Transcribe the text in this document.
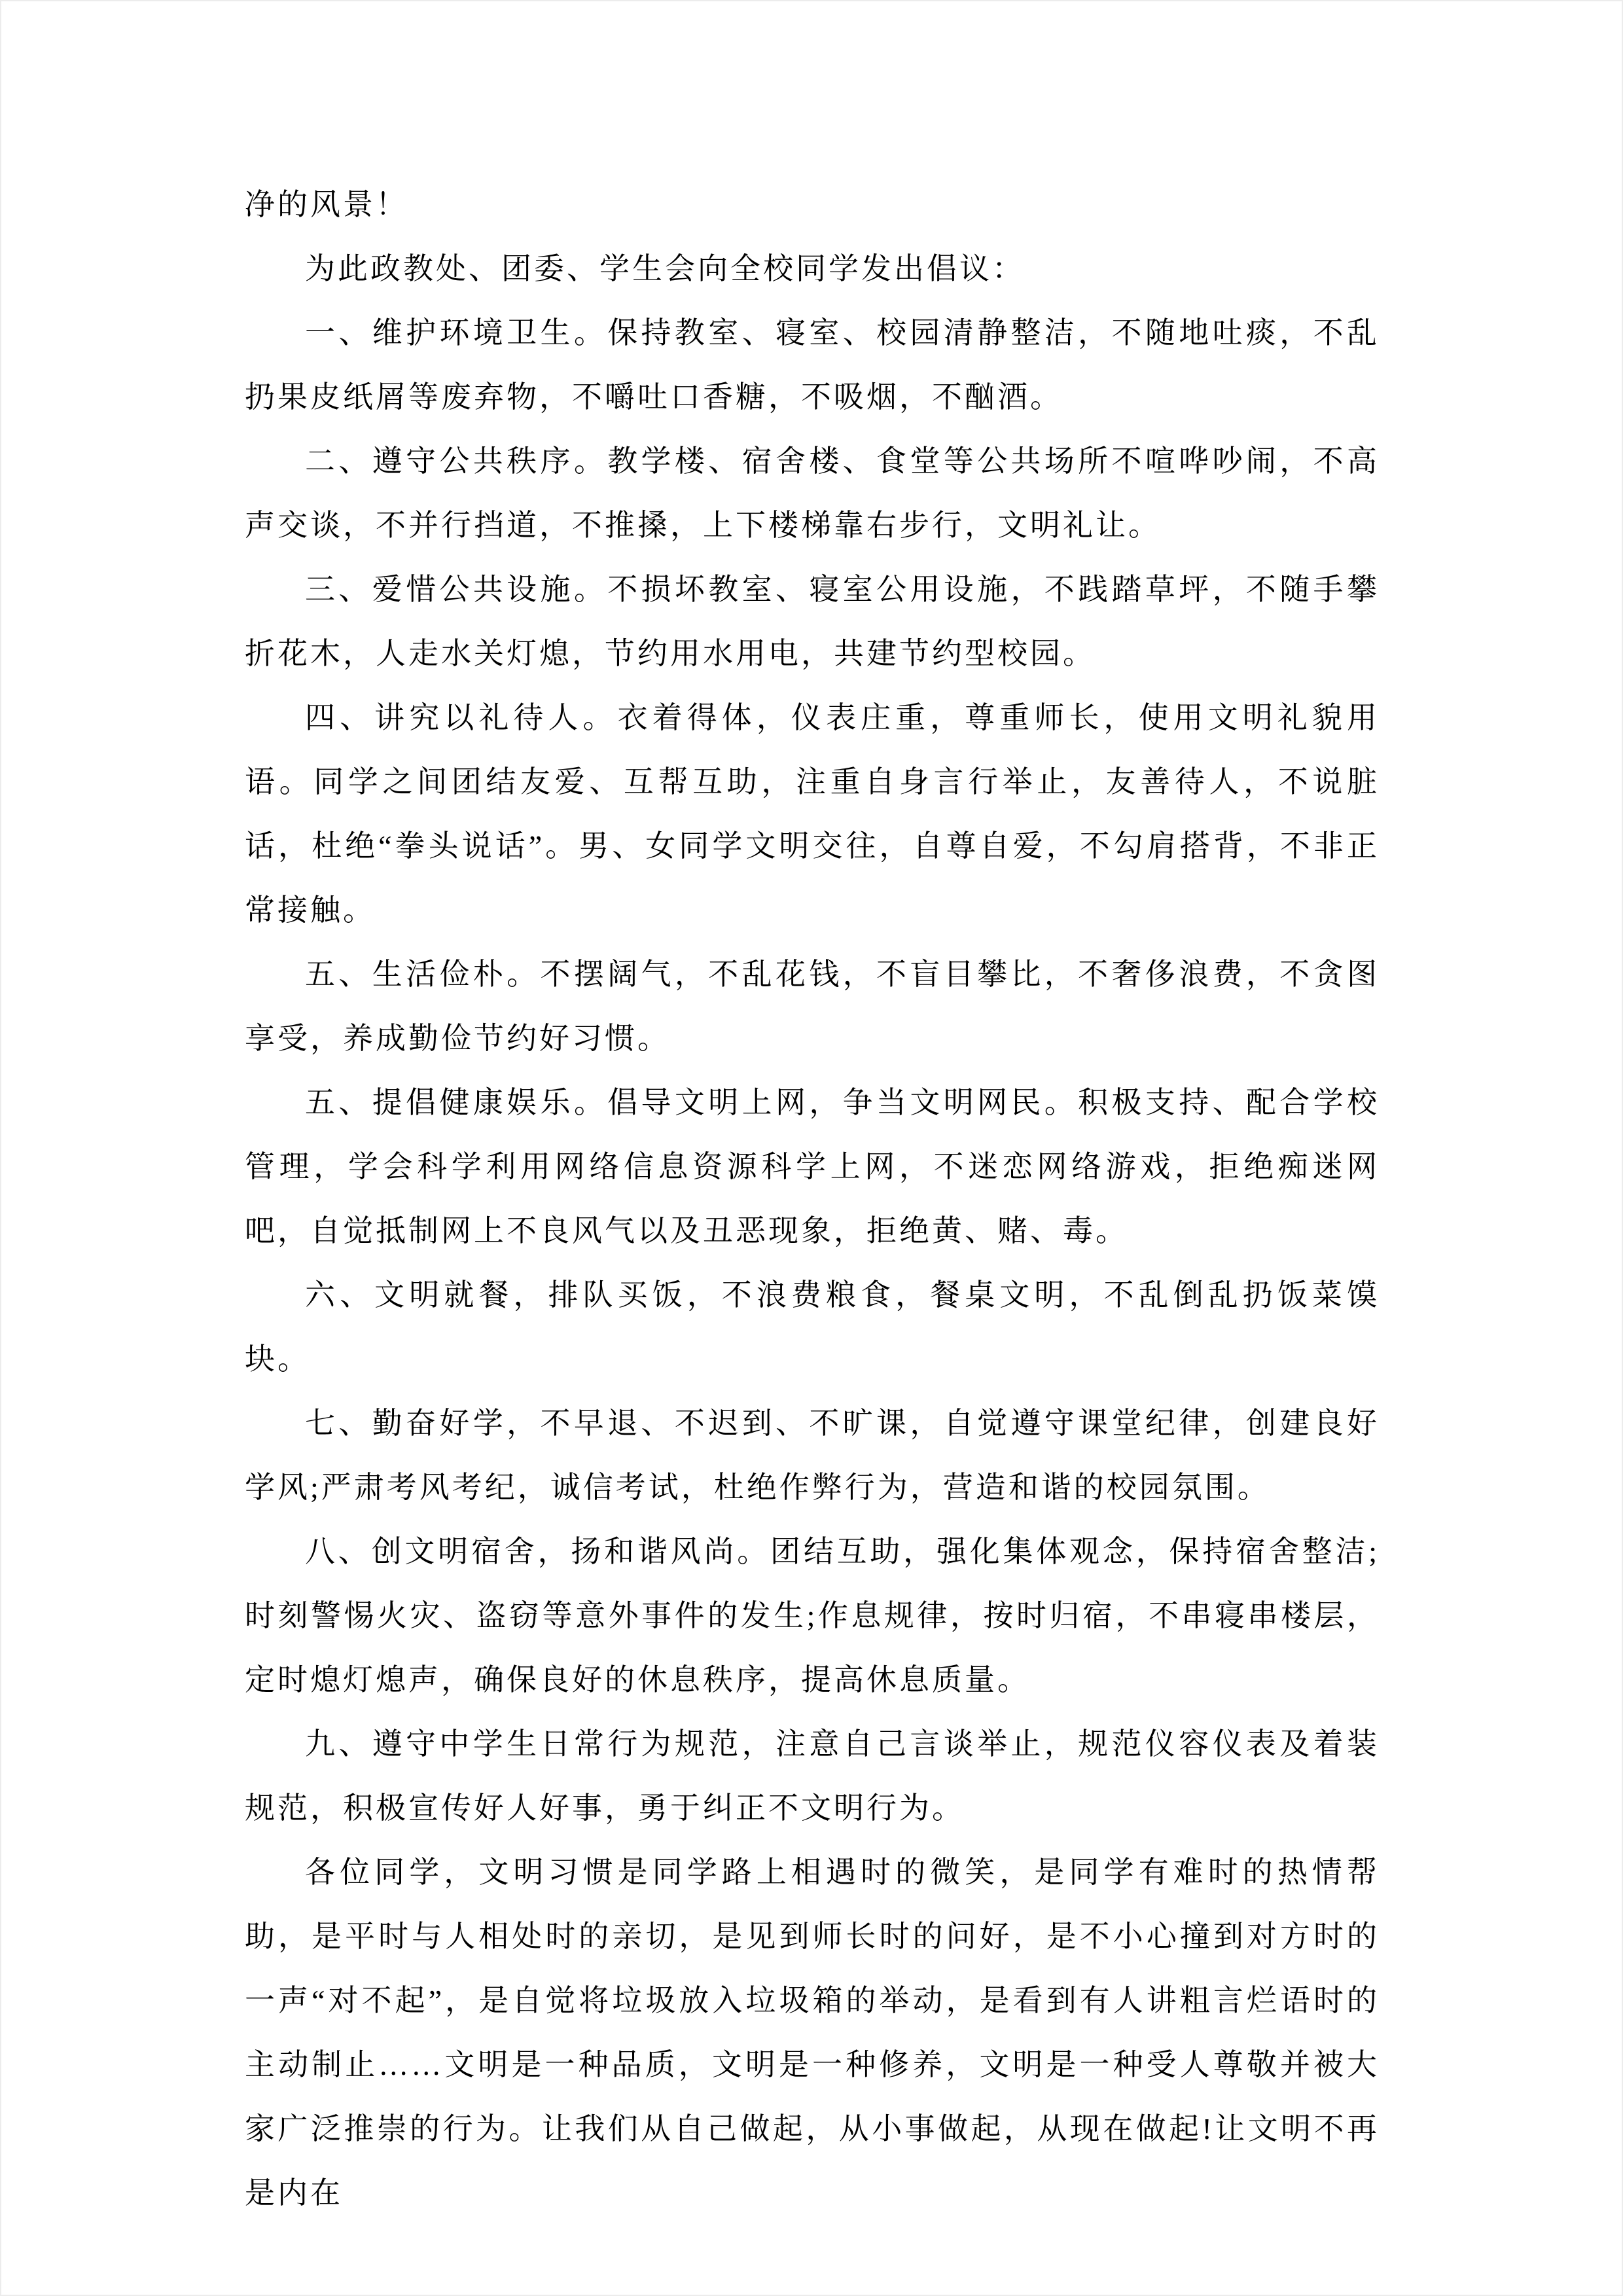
净的风景！

为此政教处、团委、学生会向全校同学发出倡议：

一、维护环境卫生。保持教室、寝室、校园清静整洁，不随地吐痰，不乱扔果皮纸屑等废弃物，不嚼吐口香糖，不吸烟，不酗酒。

二、遵守公共秩序。教学楼、宿舍楼、食堂等公共场所不喧哗吵闹，不高声交谈，不并行挡道，不推搡，上下楼梯靠右步行，文明礼让。

三、爱惜公共设施。不损坏教室、寝室公用设施，不践踏草坪，不随手攀折花木，人走水关灯熄，节约用水用电，共建节约型校园。

四、讲究以礼待人。衣着得体，仪表庄重，尊重师长，使用文明礼貌用语。同学之间团结友爱、互帮互助，注重自身言行举止，友善待人，不说脏话，杜绝“拳头说话”。男、女同学文明交往，自尊自爱，不勾肩搭背，不非正常接触。

五、生活俭朴。不摆阔气，不乱花钱，不盲目攀比，不奢侈浪费，不贪图享受，养成勤俭节约好习惯。

五、提倡健康娱乐。倡导文明上网，争当文明网民。积极支持、配合学校管理，学会科学利用网络信息资源科学上网，不迷恋网络游戏，拒绝痴迷网吧，自觉抵制网上不良风气以及丑恶现象，拒绝黄、赌、毒。

六、文明就餐，排队买饭，不浪费粮食，餐桌文明，不乱倒乱扔饭菜馍块。

七、勤奋好学，不早退、不迟到、不旷课，自觉遵守课堂纪律，创建良好学风;严肃考风考纪，诚信考试，杜绝作弊行为，营造和谐的校园氛围。

八、创文明宿舍，扬和谐风尚。团结互助，强化集体观念，保持宿舍整洁;时刻警惕火灾、盗窃等意外事件的发生;作息规律，按时归宿，不串寝串楼层，定时熄灯熄声，确保良好的休息秩序，提高休息质量。

九、遵守中学生日常行为规范，注意自己言谈举止，规范仪容仪表及着装规范，积极宣传好人好事，勇于纠正不文明行为。

各位同学，文明习惯是同学路上相遇时的微笑，是同学有难时的热情帮助，是平时与人相处时的亲切，是见到师长时的问好，是不小心撞到对方时的一声“对不起”，是自觉将垃圾放入垃圾箱的举动，是看到有人讲粗言烂语时的主动制止……文明是一种品质，文明是一种修养，文明是一种受人尊敬并被大家广泛推崇的行为。让我们从自己做起，从小事做起，从现在做起!让文明不再是内在
